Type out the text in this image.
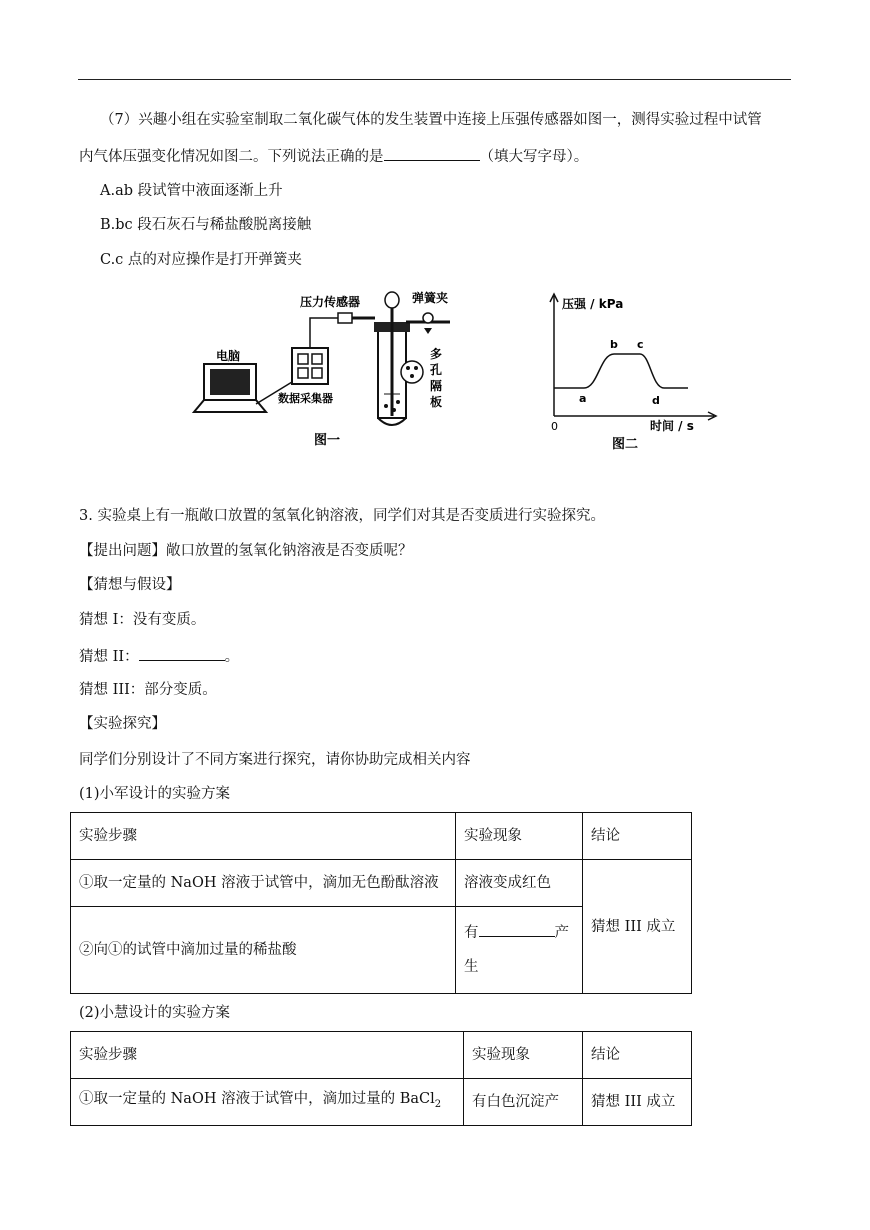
（7）兴趣小组在实验室制取二氧化碳气体的发生装置中连接上压强传感器如图一，测得实验过程中试管
内气体压强变化情况如图二。下列说法正确的是	（填大写字母）。
A.ab 段试管中液面逐渐上升
B.bc 段石灰石与稀盐酸脱离接触
C.c 点的对应操作是打开弹簧夹
电脑
数据采集器
压力传感器	弹簧夹
多
孔
隔
板
图一
压强 / kPa
时间 / s
0
a
b c
d
图二
3. 实验桌上有一瓶敞口放置的氢氧化钠溶液，同学们对其是否变质进行实验探究。
【提出问题】敞口放置的氢氧化钠溶液是否变质呢？
【猜想与假设】
猜想 I：没有变质。
猜想 II：	。
猜想 III：部分变质。
【实验探究】
同学们分别设计了不同方案进行探究，请你协助完成相关内容
(1)小军设计的实验方案
实验步骤	实验现象	结论
①取一定量的 NaOH 溶液于试管中，滴加无色酚酞溶液	溶液变成红色	猜想 III 成立
②向①的试管中滴加过量的稀盐酸	有 产
生	
(2)小慧设计的实验方案
实验步骤	实验现象	结论
①取一定量的 NaOH 溶液于试管中，滴加过量的 BaCl$_2$	有白色沉淀产	猜想 III 成立
